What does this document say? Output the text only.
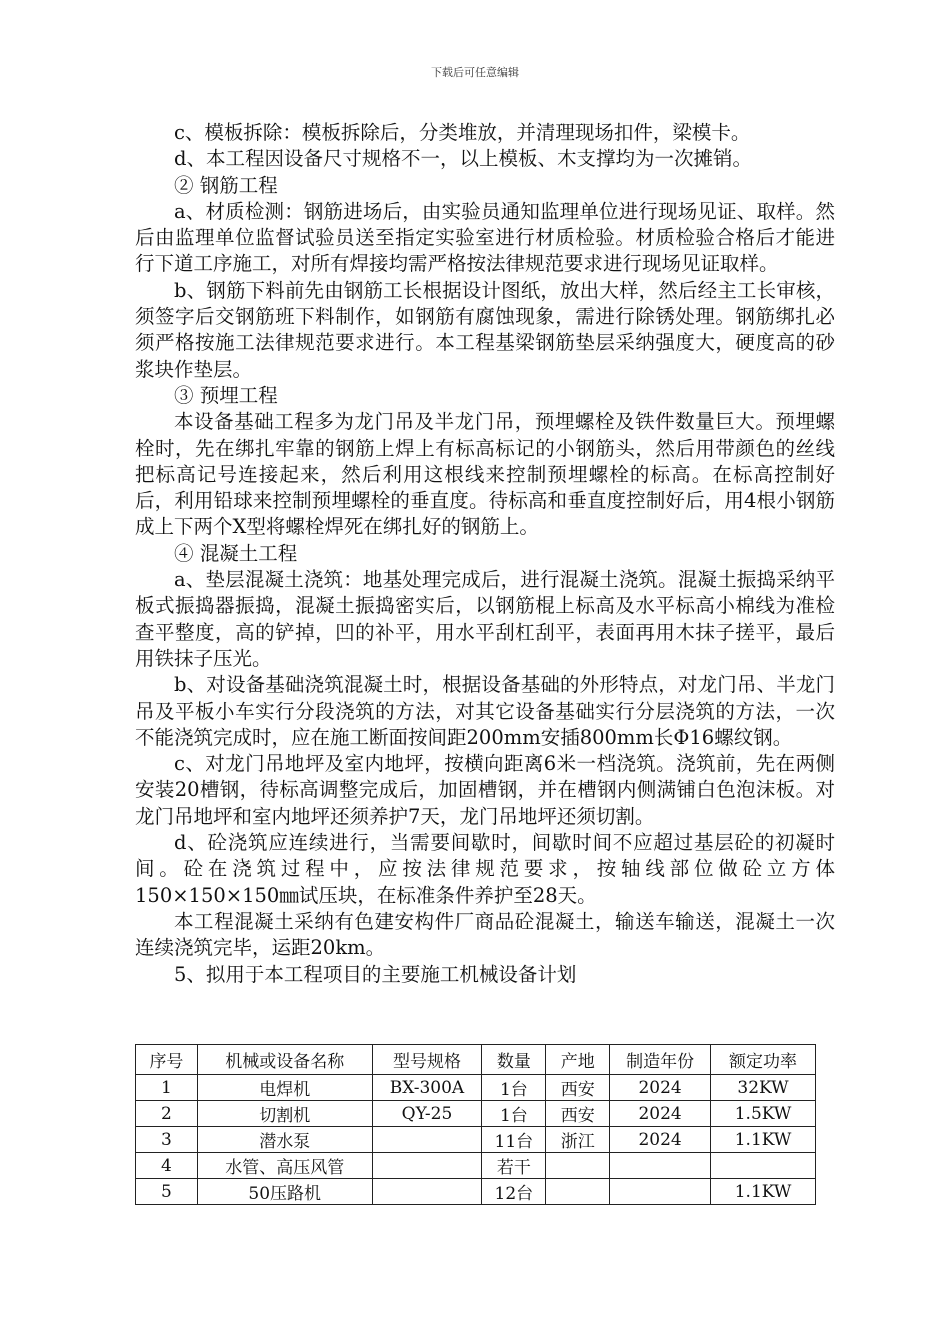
下载后可任意编辑

c、模板拆除：模板拆除后，分类堆放，并清理现场扣件，梁模卡。

d、本工程因设备尺寸规格不一，以上模板、木支撑均为一次摊销。

② 钢筋工程

a、材质检测：钢筋进场后，由实验员通知监理单位进行现场见证、取样。然后由监理单位监督试验员送至指定实验室进行材质检验。材质检验合格后才能进行下道工序施工，对所有焊接均需严格按法律规范要求进行现场见证取样。

b、钢筋下料前先由钢筋工长根据设计图纸，放出大样，然后经主工长审核，须签字后交钢筋班下料制作，如钢筋有腐蚀现象，需进行除锈处理。钢筋绑扎必须严格按施工法律规范要求进行。本工程基梁钢筋垫层采纳强度大，硬度高的砂浆块作垫层。

③ 预埋工程

本设备基础工程多为龙门吊及半龙门吊，预埋螺栓及铁件数量巨大。预埋螺栓时，先在绑扎牢靠的钢筋上焊上有标高标记的小钢筋头，然后用带颜色的丝线把标高记号连接起来，然后利用这根线来控制预埋螺栓的标高。在标高控制好后，利用铅球来控制预埋螺栓的垂直度。待标高和垂直度控制好后，用4根小钢筋成上下两个X型将螺栓焊死在绑扎好的钢筋上。

④ 混凝土工程

a、垫层混凝土浇筑：地基处理完成后，进行混凝土浇筑。混凝土振捣采纳平板式振捣器振捣，混凝土振捣密实后，以钢筋棍上标高及水平标高小棉线为准检查平整度，高的铲掉，凹的补平，用水平刮杠刮平，表面再用木抹子搓平，最后用铁抹子压光。

b、对设备基础浇筑混凝土时，根据设备基础的外形特点，对龙门吊、半龙门吊及平板小车实行分段浇筑的方法，对其它设备基础实行分层浇筑的方法，一次不能浇筑完成时，应在施工断面按间距200mm安插800mm长Φ16螺纹钢。

c、对龙门吊地坪及室内地坪，按横向距离6米一档浇筑。浇筑前，先在两侧安装20槽钢，待标高调整完成后，加固槽钢，并在槽钢内侧满铺白色泡沫板。对龙门吊地坪和室内地坪还须养护7天，龙门吊地坪还须切割。

d、砼浇筑应连续进行，当需要间歇时，间歇时间不应超过基层砼的初凝时间。砼在浇筑过程中，应按法律规范要求，按轴线部位做砼立方体150×150×150㎜试压块，在标准条件养护至28天。

本工程混凝土采纳有色建安构件厂商品砼混凝土，输送车输送，混凝土一次连续浇筑完毕，运距20km。

5、拟用于本工程项目的主要施工机械设备计划

序号	机械或设备名称	型号规格	数量	产地	制造年份	额定功率
1	电焊机	BX-300A	1台	西安	2024	32KW
2	切割机	QY-25	1台	西安	2024	1.5KW
3	潜水泵		11台	浙江	2024	1.1KW
4	水管、高压风管		若干			
5	50压路机		12台			1.1KW
